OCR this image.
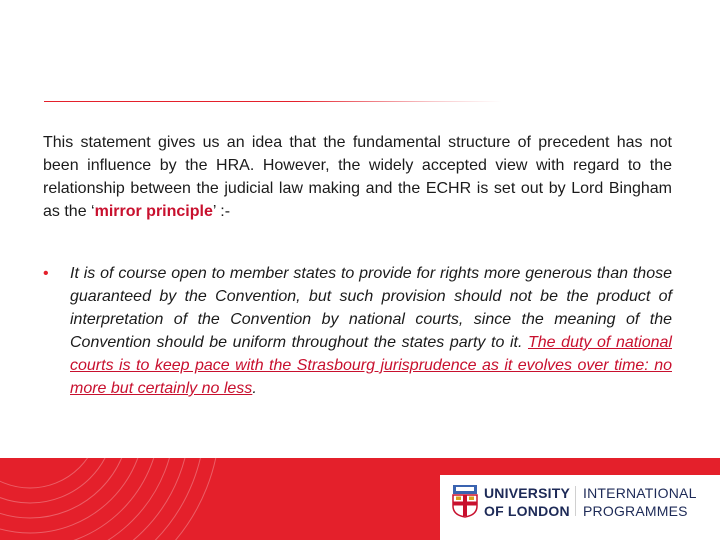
This statement gives us an idea that the fundamental structure of precedent has not been influence by the HRA. However, the widely accepted view with regard to the relationship between the judicial law making and the ECHR is set out by Lord Bingham as the ‘mirror principle’ :-
• It is of course open to member states to provide for rights more generous than those guaranteed by the Convention, but such provision should not be the product of interpretation of the Convention by national courts, since the meaning of the Convention should be uniform throughout the states party to it. The duty of national courts is to keep pace with the Strasbourg jurisprudence as it evolves over time: no more but certainly no less.
UNIVERSITY
OF LONDON
INTERNATIONAL
PROGRAMMES
